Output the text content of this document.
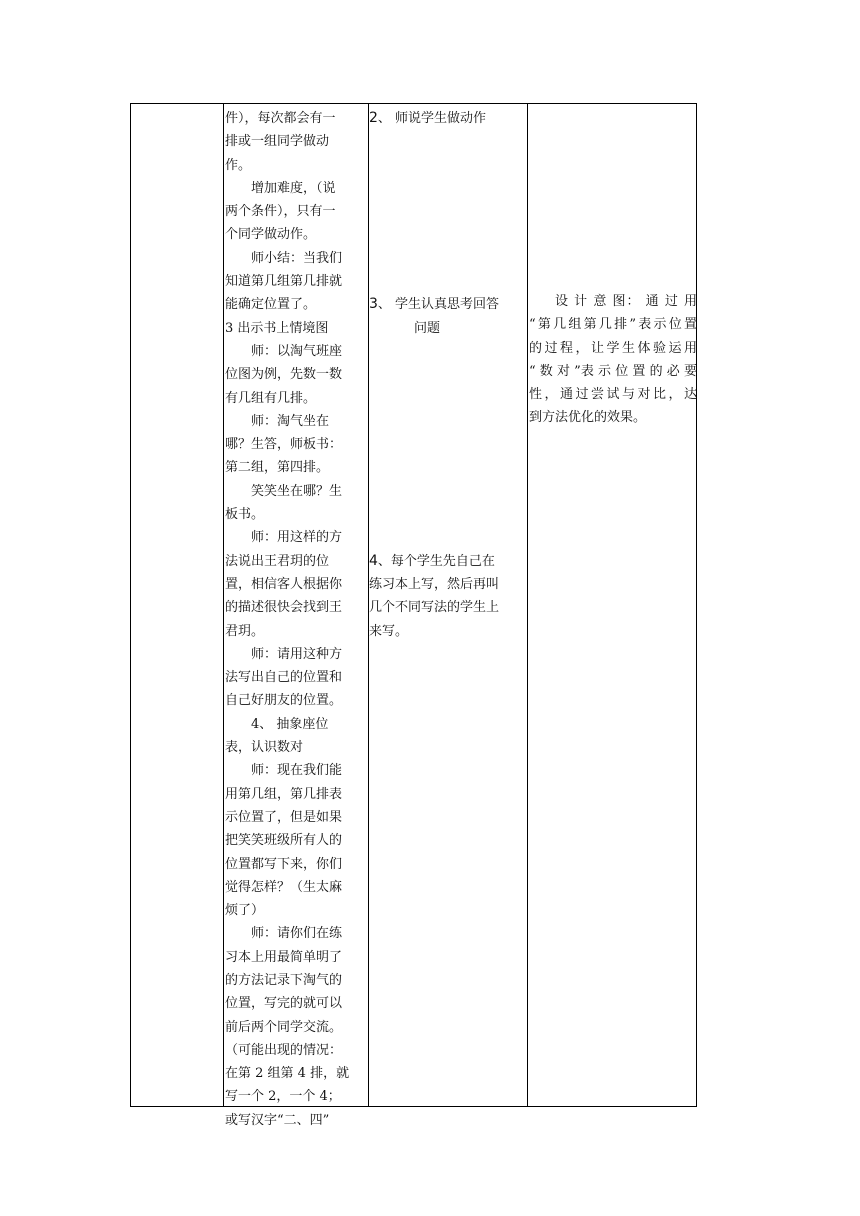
件），每次都会有一

排或一组同学做动

作。

增加难度，（说

两个条件），只有一

个同学做动作。

师小结：当我们

知道第几组第几排就

能确定位置了。

3 出示书上情境图

师：以淘气班座

位图为例，先数一数

有几组有几排。

师：淘气坐在

哪？生答，师板书：

第二组，第四排。

笑笑坐在哪？生

板书。

师：用这样的方

法说出王君玥的位

置，相信客人根据你

的描述很快会找到王

君玥。

师：请用这种方

法写出自己的位置和

自己好朋友的位置。

4、 抽象座位

表，认识数对

师：现在我们能

用第几组，第几排表

示位置了，但是如果

把笑笑班级所有人的

位置都写下来，你们

觉得怎样？（生太麻

烦了）

师：请你们在练

习本上用最简单明了

的方法记录下淘气的

位置，写完的就可以

前后两个同学交流。

（可能出现的情况：

在第 2 组第 4 排，就

写一个 2，一个 4；

或写汉字“二、四”

2、 师说学生做动作

3、 学生认真思考回答

问题

4、每个学生先自己在

练习本上写，然后再叫

几个不同写法的学生上

来写。

设 计 意 图： 通 过 用

“第几组第几排”表示位置

的过程，让学生体验运用

“ 数 对 ”表 示 位 置 的 必 要

性，通过尝试与对比，达

到方法优化的效果。
